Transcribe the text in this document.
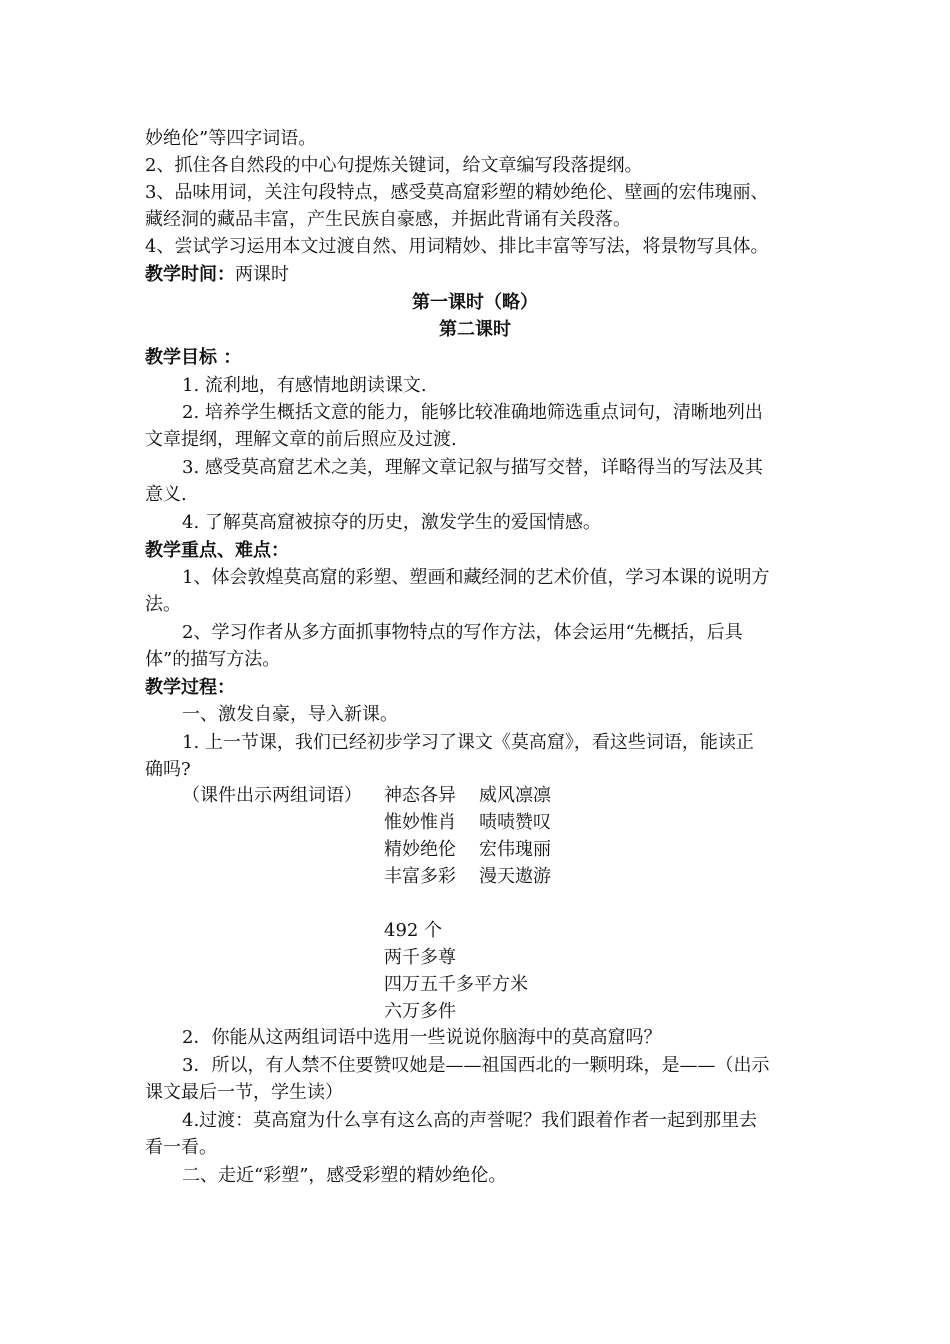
妙绝伦”等四字词语。
2、抓住各自然段的中心句提炼关键词，给文章编写段落提纲。
3、品味用词，关注句段特点，感受莫高窟彩塑的精妙绝伦、壁画的宏伟瑰丽、
藏经洞的藏品丰富，产生民族自豪感，并据此背诵有关段落。
4、尝试学习运用本文过渡自然、用词精妙、排比丰富等写法，将景物写具体。
教学时间：两课时
第一课时（略）
第二课时
教学目标 ：
1. 流利地，有感情地朗读课文.
2. 培养学生概括文意的能力，能够比较准确地筛选重点词句，清晰地列出
文章提纲，理解文章的前后照应及过渡.
3. 感受莫高窟艺术之美，理解文章记叙与描写交替，详略得当的写法及其
意义.
4. 了解莫高窟被掠夺的历史，激发学生的爱国情感。
教学重点、难点：
1、体会敦煌莫高窟的彩塑、塑画和藏经洞的艺术价值，学习本课的说明方
法。
2、学习作者从多方面抓事物特点的写作方法，体会运用“先概括，后具
体”的描写方法。
教学过程：
一、激发自豪，导入新课。
1. 上一节课，我们已经初步学习了课文《莫高窟》，看这些词语，能读正
确吗?
（课件出示两组词语） 神态各异
惟妙惟肖
精妙绝伦
丰富多彩
威风凛凛
啧啧赞叹
宏伟瑰丽
漫天遨游
492 个
两千多尊
四万五千多平方米
六万多件
2．你能从这两组词语中选用一些说说你脑海中的莫高窟吗？
3．所以，有人禁不住要赞叹她是——祖国西北的一颗明珠，是——（出示
课文最后一节，学生读）
4.过渡：莫高窟为什么享有这么高的声誉呢？我们跟着作者一起到那里去
看一看。
二、走近“彩塑”，感受彩塑的精妙绝伦。
